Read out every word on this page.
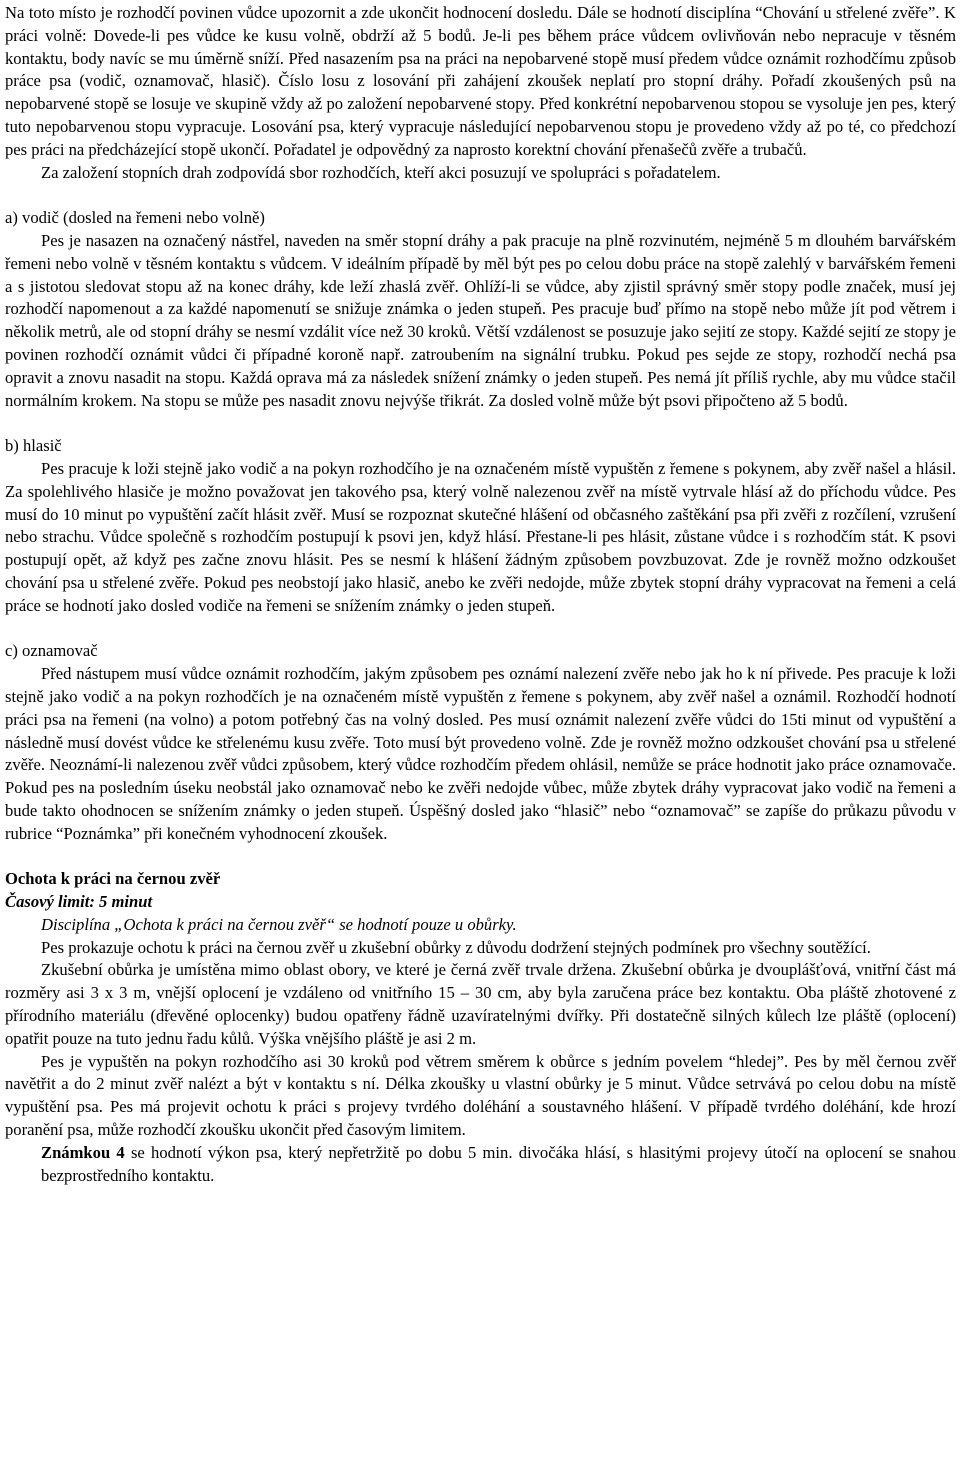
Na toto místo je rozhodčí povinen vůdce upozornit a zde ukončit hodnocení dosledu. Dále se hodnotí disciplína “Chování u střelené zvěře”. K práci volně: Dovede-li pes vůdce ke kusu volně, obdrží až 5 bodů. Je-li pes během práce vůdcem ovlivňován nebo nepracuje v těsném kontaktu, body navíc se mu úměrně sníží. Před nasazením psa na práci na nepobarvené stopě musí předem vůdce oznámit rozhodčímu způsob práce psa (vodič, oznamovač, hlasič). Číslo losu z losování při zahájení zkoušek neplatí pro stopní dráhy. Pořadí zkoušených psů na nepobarvené stopě se losuje ve skupině vždy až po založení nepobarvené stopy. Před konkrétní nepobarvenou stopou se vysoluje jen pes, který tuto nepobarvenou stopu vypracuje. Losování psa, který vypracuje následující nepobarvenou stopu je provedeno vždy až po té, co předchozí pes práci na předcházející stopě ukončí. Pořadatel je odpovědný za naprosto korektní chování přenašečů zvěře a trubačů.

Za založení stopních drah zodpovídá sbor rozhodčích, kteří akci posuzují ve spolupráci s pořadatelem.

a) vodič (dosled na řemeni nebo volně)

Pes je nasazen na označený nástřel, naveden na směr stopní dráhy a pak pracuje na plně rozvinutém, nejméně 5 m dlouhém barvářském řemeni nebo volně v těsném kontaktu s vůdcem. V ideálním případě by měl být pes po celou dobu práce na stopě zalehlý v barvářském řemeni a s jistotou sledovat stopu až na konec dráhy, kde leží zhaslá zvěř. Ohlíží-li se vůdce, aby zjistil správný směr stopy podle značek, musí jej rozhodčí napomenout a za každé napomenutí se snižuje známka o jeden stupeň. Pes pracuje buď přímo na stopě nebo může jít pod větrem i několik metrů, ale od stopní dráhy se nesmí vzdálit více než 30 kroků. Větší vzdálenost se posuzuje jako sejití ze stopy. Každé sejití ze stopy je povinen rozhodčí oznámit vůdci či případné koroně např. zatroubením na signální trubku. Pokud pes sejde ze stopy, rozhodčí nechá psa opravit a znovu nasadit na stopu. Každá oprava má za následek snížení známky o jeden stupeň. Pes nemá jít příliš rychle, aby mu vůdce stačil normálním krokem. Na stopu se může pes nasadit znovu nejvýše třikrát. Za dosled volně může být psovi připočteno až 5 bodů.

b) hlasič

Pes pracuje k loži stejně jako vodič a na pokyn rozhodčího je na označeném místě vypuštěn z řemene s pokynem, aby zvěř našel a hlásil. Za spolehlivého hlasiče je možno považovat jen takového psa, který volně nalezenou zvěř na místě vytrvale hlásí až do příchodu vůdce. Pes musí do 10 minut po vypuštění začít hlásit zvěř. Musí se rozpoznat skutečné hlášení od občasného zaštěkání psa při zvěři z rozčílení, vzrušení nebo strachu. Vůdce společně s rozhodčím postupují k psovi jen, když hlásí. Přestane-li pes hlásit, zůstane vůdce i s rozhodčím stát. K psovi postupují opět, až když pes začne znovu hlásit. Pes se nesmí k hlášení žádným způsobem povzbuzovat. Zde je rovněž možno odzkoušet chování psa u střelené zvěře. Pokud pes neobstojí jako hlasič, anebo ke zvěři nedojde, může zbytek stopní dráhy vypracovat na řemeni a celá práce se hodnotí jako dosled vodiče na řemeni se snížením známky o jeden stupeň.

c) oznamovač

Před nástupem musí vůdce oznámit rozhodčím, jakým způsobem pes oznámí nalezení zvěře nebo jak ho k ní přivede. Pes pracuje k loži stejně jako vodič a na pokyn rozhodčích je na označeném místě vypuštěn z řemene s pokynem, aby zvěř našel a oznámil. Rozhodčí hodnotí práci psa na řemeni (na volno) a potom potřebný čas na volný dosled. Pes musí oznámit nalezení zvěře vůdci do 15ti minut od vypuštění a následně musí dovést vůdce ke střelenému kusu zvěře. Toto musí být provedeno volně. Zde je rovněž možno odzkoušet chování psa u střelené zvěře. Neoznámí-li nalezenou zvěř vůdci způsobem, který vůdce rozhodčím předem ohlásil, nemůže se práce hodnotit jako práce oznamovače. Pokud pes na posledním úseku neobstál jako oznamovač nebo ke zvěři nedojde vůbec, může zbytek dráhy vypracovat jako vodič na řemeni a bude takto ohodnocen se snížením známky o jeden stupeň. Úspěšný dosled jako “hlasič” nebo “oznamovač” se zapíše do průkazu původu v rubrice “Poznámka” při konečném vyhodnocení zkoušek.

Ochota k práci na černou zvěř

Časový limit: 5 minut

Disciplína „Ochota k práci na černou zvěř“ se hodnotí pouze u obůrky.

Pes prokazuje ochotu k práci na černou zvěř u zkušební obůrky z důvodu dodržení stejných podmínek pro všechny soutěžící.

Zkušební obůrka je umístěna mimo oblast obory, ve které je černá zvěř trvale držena. Zkušební obůrka je dvouplášťová, vnitřní část má rozměry asi 3 x 3 m, vnější oplocení je vzdáleno od vnitřního 15 – 30 cm, aby byla zaručena práce bez kontaktu. Oba pláště zhotovené z přírodního materiálu (dřevěné oplocenky) budou opatřeny řádně uzavíratelnými dvířky. Při dostatečně silných kůlech lze pláště (oplocení) opatřit pouze na tuto jednu řadu kůlů. Výška vnějšího pláště je asi 2 m.

Pes je vypuštěn na pokyn rozhodčího asi 30 kroků pod větrem směrem k obůrce s jedním povelem “hledej”. Pes by měl černou zvěř navětřit a do 2 minut zvěř nalézt a být v kontaktu s ní. Délka zkoušky u vlastní obůrky je 5 minut. Vůdce setrvává po celou dobu na místě vypuštění psa. Pes má projevit ochotu k práci s projevy tvrdého doléhání a soustavného hlášení. V případě tvrdého doléhání, kde hrozí poranění psa, může rozhodčí zkoušku ukončit před časovým limitem.

Známkou 4 se hodnotí výkon psa, který nepřetržitě po dobu 5 min. divočáka hlásí, s hlasitými projevy útočí na oplocení se snahou bezprostředního kontaktu.
